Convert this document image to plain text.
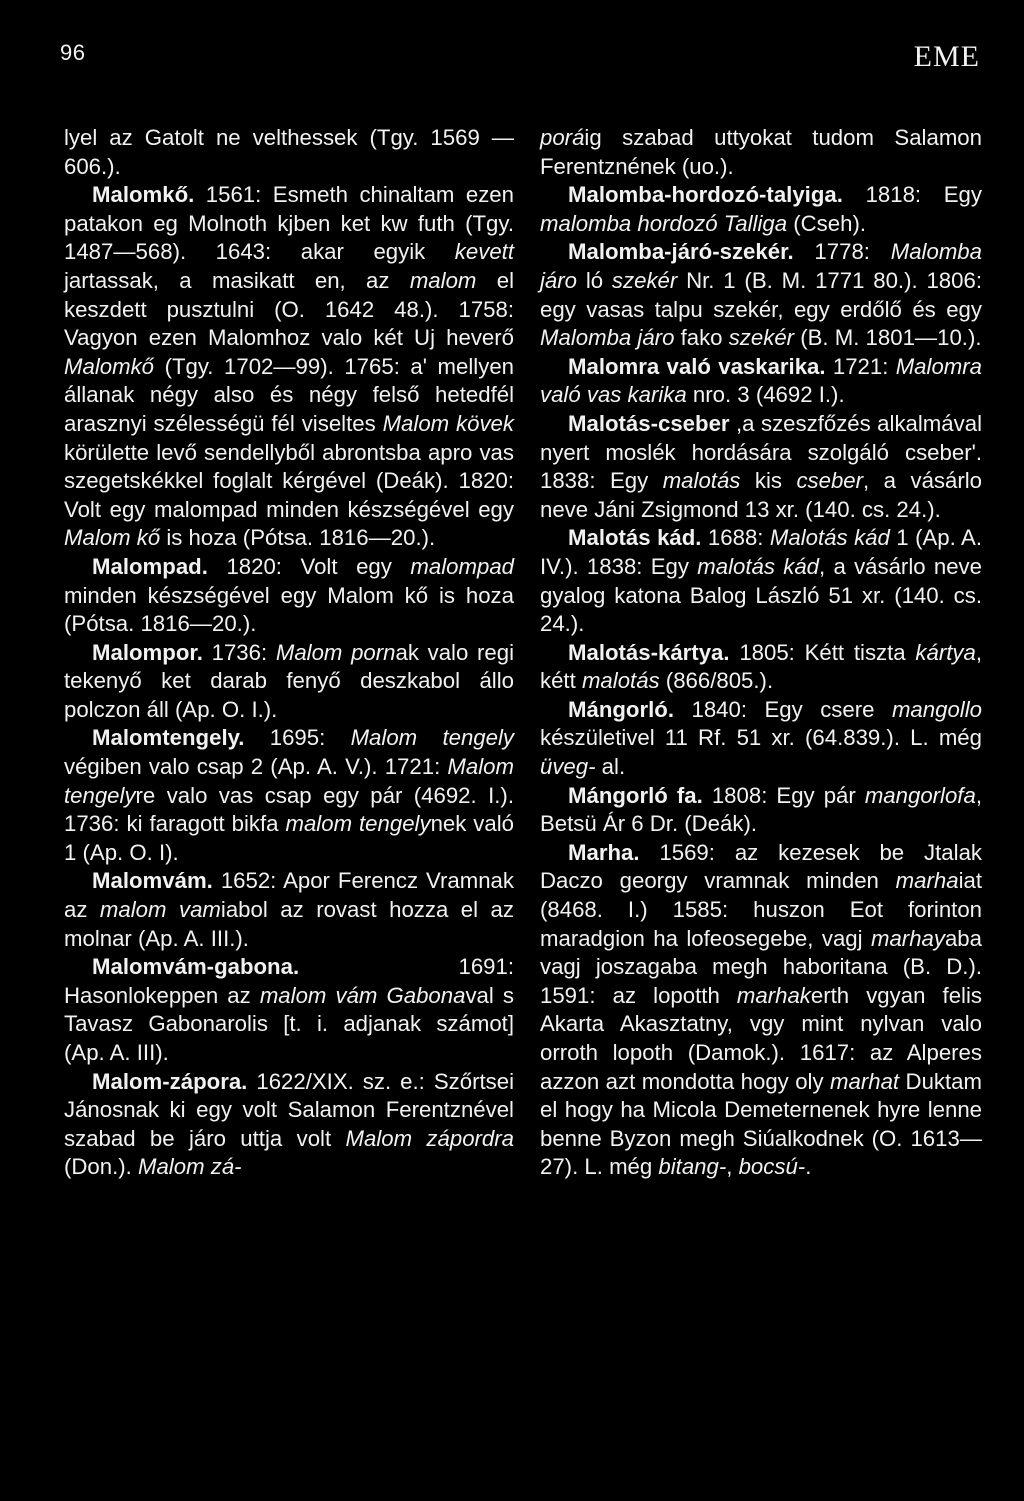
96	EME

lyel az Gatolt ne velthessek (Tgy. 1569 —606.).

Malomkő. 1561: Esmeth chinaltam ezen patakon eg Molnoth kjben ket kw futh (Tgy. 1487—568). 1643: akar egyik kevett jartassak, a masikatt en, az malom el keszdett pusztulni (O. 1642 48.). 1758: Vagyon ezen Malomhoz valo két Uj heverő Malomkő (Tgy. 1702—99). 1765: a' mellyen állanak négy also és négy felső hetedfél arasznyi szélességü fél viseltes Malom kövek körülette levő sendellyből abrontsba apro vas szegetskékkel foglalt kérgével (Deák). 1820: Volt egy malompad minden készségével egy Malom kő is hoza (Pótsa. 1816—20.).

Malompad. 1820: Volt egy malompad minden készségével egy Malom kő is hoza (Pótsa. 1816—20.).

Malompor. 1736: Malom pornak valo regi tekenyő ket darab fenyő deszkabol állo polczon áll (Ap. O. I.).

Malomtengely. 1695: Malom tengely végiben valo csap 2 (Ap. A. V.). 1721: Malom tengelyre valo vas csap egy pár (4692. I.). 1736: ki faragott bikfa malom tengelynek való 1 (Ap. O. I).

Malomvám. 1652: Apor Ferencz Vramnak az malom vamiabol az rovast hozza el az molnar (Ap. A. III.).

Malomvám-gabona. 1691: Hasonlokeppen az malom vám Gabonaval s Tavasz Gabonarolis [t. i. adjanak számot] (Ap. A. III).

Malom-zápora. 1622/XIX. sz. e.: Szőrtsei Jánosnak ki egy volt Salamon Ferentznével szabad be járo uttja volt Malom zápordra (Don.). Malom zá-

poráig szabad uttyokat tudom Salamon Ferentznének (uo.).

Malomba-hordozó-talyiga. 1818: Egy malomba hordozó Talliga (Cseh).

Malomba-járó-szekér. 1778: Malomba járo ló szekér Nr. 1 (B. M. 1771 80.). 1806: egy vasas talpu szekér, egy erdőlő és egy Malomba járo fako szekér (B. M. 1801—10.).

Malomra való vaskarika. 1721: Malomra való vas karika nro. 3 (4692 I.).

Malotás-cseber ,a szeszfőzés alkalmával nyert moslék hordására szolgáló cseber'. 1838: Egy malotás kis cseber, a vásárlo neve Jáni Zsigmond 13 xr. (140. cs. 24.).

Malotás kád. 1688: Malotás kád 1 (Ap. A. IV.). 1838: Egy malotás kád, a vásárlo neve gyalog katona Balog László 51 xr. (140. cs. 24.).

Malotás-kártya. 1805: Kétt tiszta kártya, kétt malotás (866/805.).

Mángorló. 1840: Egy csere mangollo készületivel 11 Rf. 51 xr. (64.839.). L. még üveg- al.

Mángorló fa. 1808: Egy pár mangorlofa, Betsü Ár 6 Dr. (Deák).

Marha. 1569: az kezesek be Jtalak Daczo georgy vramnak minden marhaiat (8468. I.) 1585: huszon Eot forinton maradgion ha lofeosegebe, vagj marhayaba vagj joszagaba megh haboritana (B. D.). 1591: az lopotth marhakerth vgyan felis Akarta Akasztatny, vgy mint nylvan valo orroth lopoth (Damok.). 1617: az Alperes azzon azt mondotta hogy oly marhat Duktam el hogy ha Micola Demeternenek hyre lenne benne Byzon megh Siúalkodnek (O. 1613—27). L. még bitang-, bocsú-.
